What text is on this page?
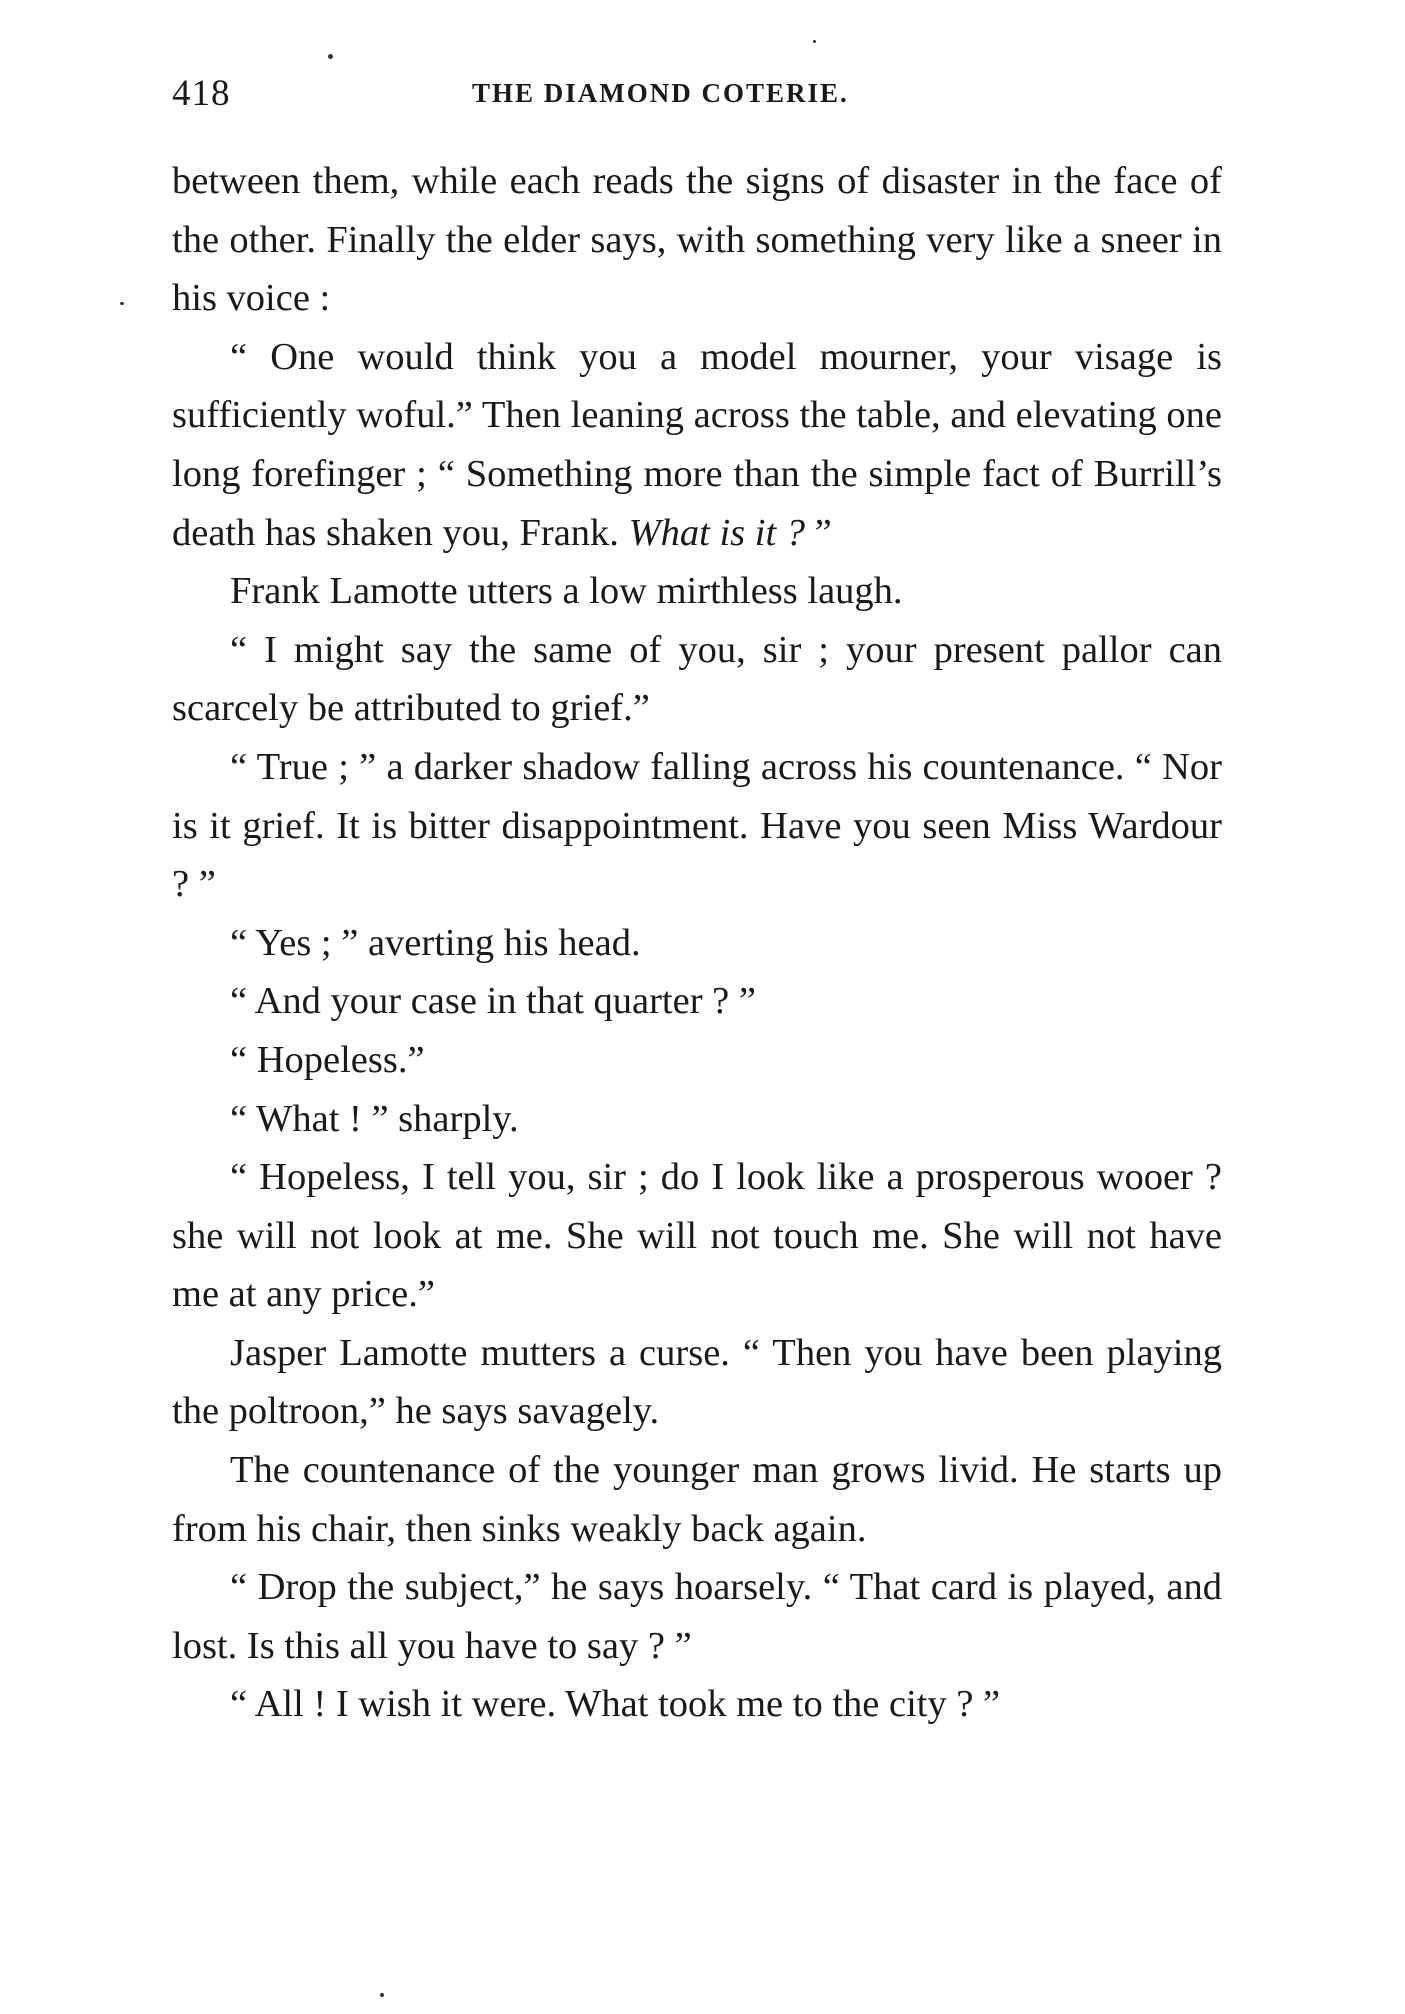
418	THE DIAMOND COTERIE.

between them, while each reads the signs of disaster in the face of the other. Finally the elder says, with something very like a sneer in his voice :

“ One would think you a model mourner, your visage is sufficiently woful.” Then leaning across the table, and elevating one long forefinger ; “ Something more than the simple fact of Burrill’s death has shaken you, Frank. What is it ? ”

Frank Lamotte utters a low mirthless laugh.

“ I might say the same of you, sir ; your present pallor can scarcely be attributed to grief.”

“ True ; ” a darker shadow falling across his countenance. “ Nor is it grief. It is bitter disappointment. Have you seen Miss Wardour ? ”

“ Yes ; ” averting his head.

“ And your case in that quarter ? ”

“ Hopeless.”

“ What ! ” sharply.

“ Hopeless, I tell you, sir ; do I look like a prosperous wooer ? she will not look at me. She will not touch me. She will not have me at any price.”

Jasper Lamotte mutters a curse. “ Then you have been playing the poltroon,” he says savagely.

The countenance of the younger man grows livid. He starts up from his chair, then sinks weakly back again.

“ Drop the subject,” he says hoarsely. “ That card is played, and lost. Is this all you have to say ? ”

“ All ! I wish it were. What took me to the city ? ”
